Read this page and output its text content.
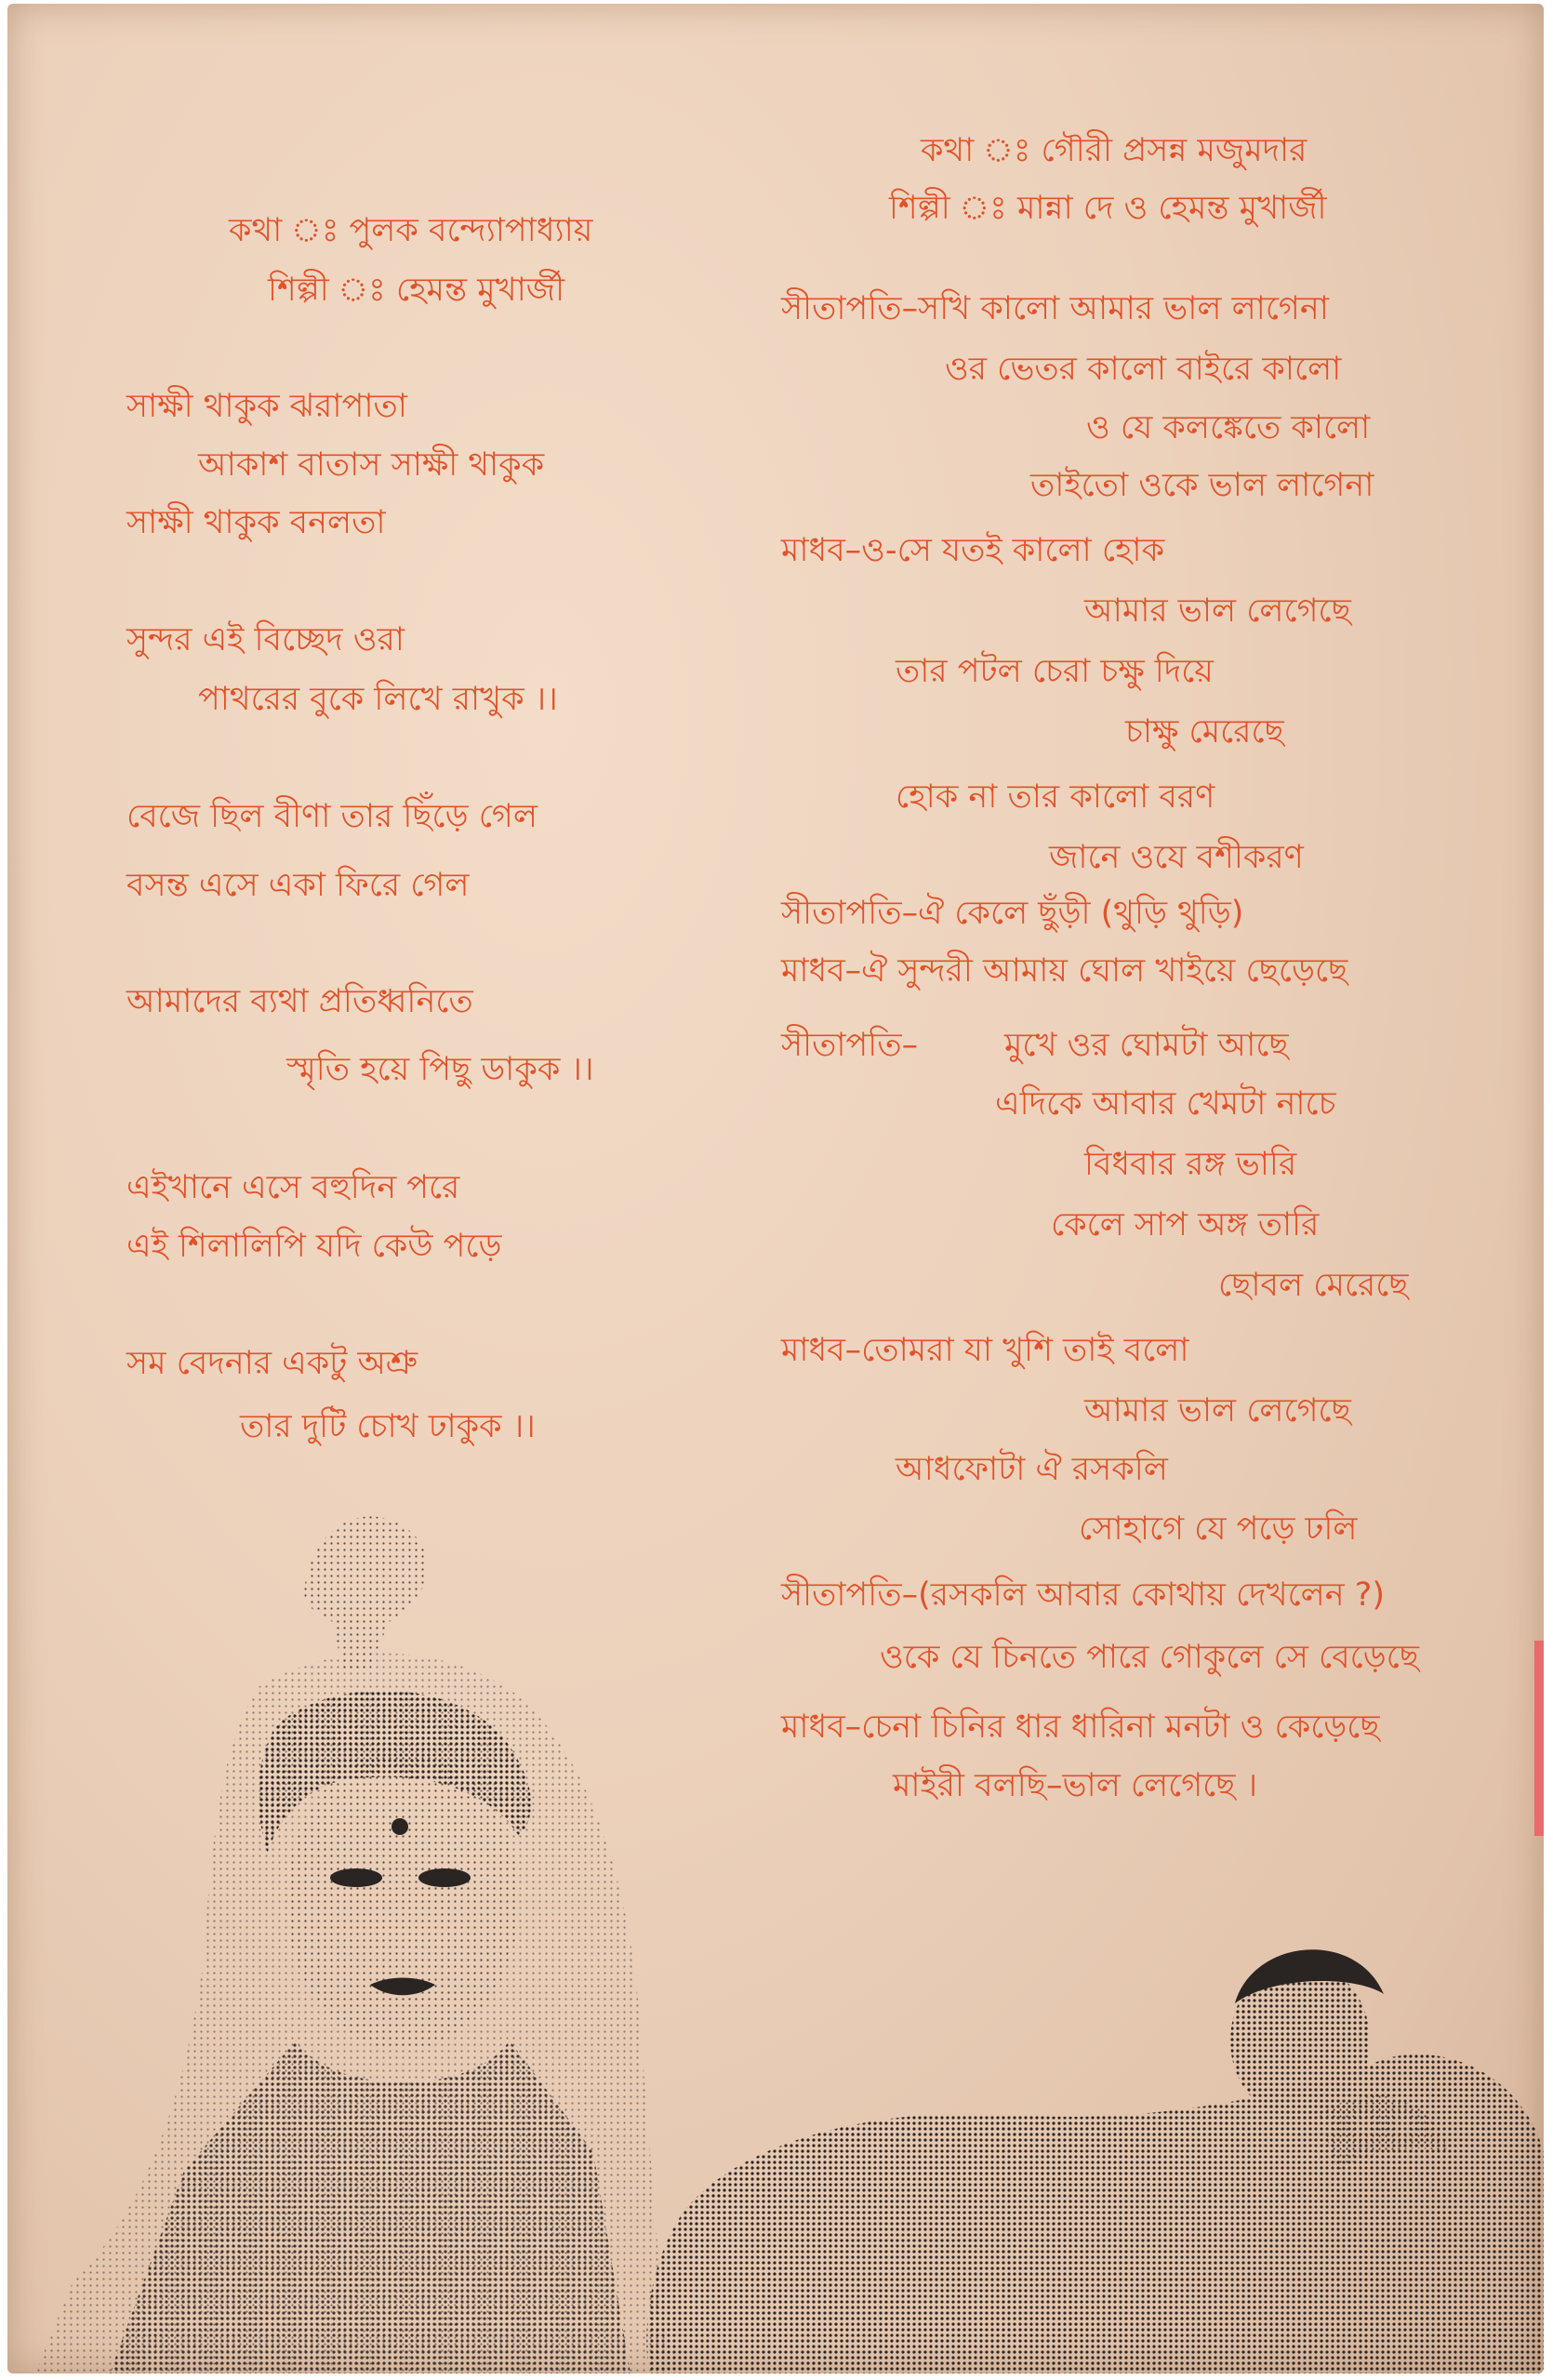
কথা ঃ পুলক বন্দ্যোপাধ্যায়
শিল্পী ঃ হেমন্ত মুখার্জী
সাক্ষী থাকুক ঝরাপাতা
আকাশ বাতাস সাক্ষী থাকুক
সাক্ষী থাকুক বনলতা
সুন্দর এই বিচ্ছেদ ওরা
পাথরের বুকে লিখে রাখুক ।।
বেজে ছিল বীণা তার ছিঁড়ে গেল
বসন্ত এসে একা ফিরে গেল
আমাদের ব্যথা প্রতিধ্বনিতে
স্মৃতি হয়ে পিছু ডাকুক ।।
এইখানে এসে বহুদিন পরে
এই শিলালিপি যদি কেউ পড়ে
সম বেদনার একটু অশ্রু
তার দুটি চোখ ঢাকুক ।।
কথা ঃ গৌরী প্রসন্ন মজুমদার
শিল্পী ঃ মান্না দে ও হেমন্ত মুখার্জী
সীতাপতি–সখি কালো আমার ভাল লাগেনা
ওর ভেতর কালো বাইরে কালো
ও যে কলঙ্কেতে কালো
তাইতো ওকে ভাল লাগেনা
মাধব–ও-সে যতই কালো হোক
আমার ভাল লেগেছে
তার পটল চেরা চক্ষু দিয়ে
চাক্ষু মেরেছে
হোক না তার কালো বরণ
জানে ওযে বশীকরণ
সীতাপতি–ঐ কেলে ছুঁড়ী (থুড়ি থুড়ি)
মাধব–ঐ সুন্দরী আমায় ঘোল খাইয়ে ছেড়েছে
সীতাপতি–	মুখে ওর ঘোমটা আছে
এদিকে আবার খেমটা নাচে
বিধবার রঙ্গ ভারি
কেলে সাপ অঙ্গ তারি
ছোবল মেরেছে
মাধব–তোমরা যা খুশি তাই বলো
আমার ভাল লেগেছে
আধফোটা ঐ রসকলি
সোহাগে যে পড়ে ঢলি
সীতাপতি–(রসকলি আবার কোথায় দেখলেন ?)
ওকে যে চিনতে পারে গোকুলে সে বেড়েছে
মাধব–চেনা চিনির ধার ধারিনা মনটা ও কেড়েছে
মাইরী বলছি–ভাল লেগেছে ।
